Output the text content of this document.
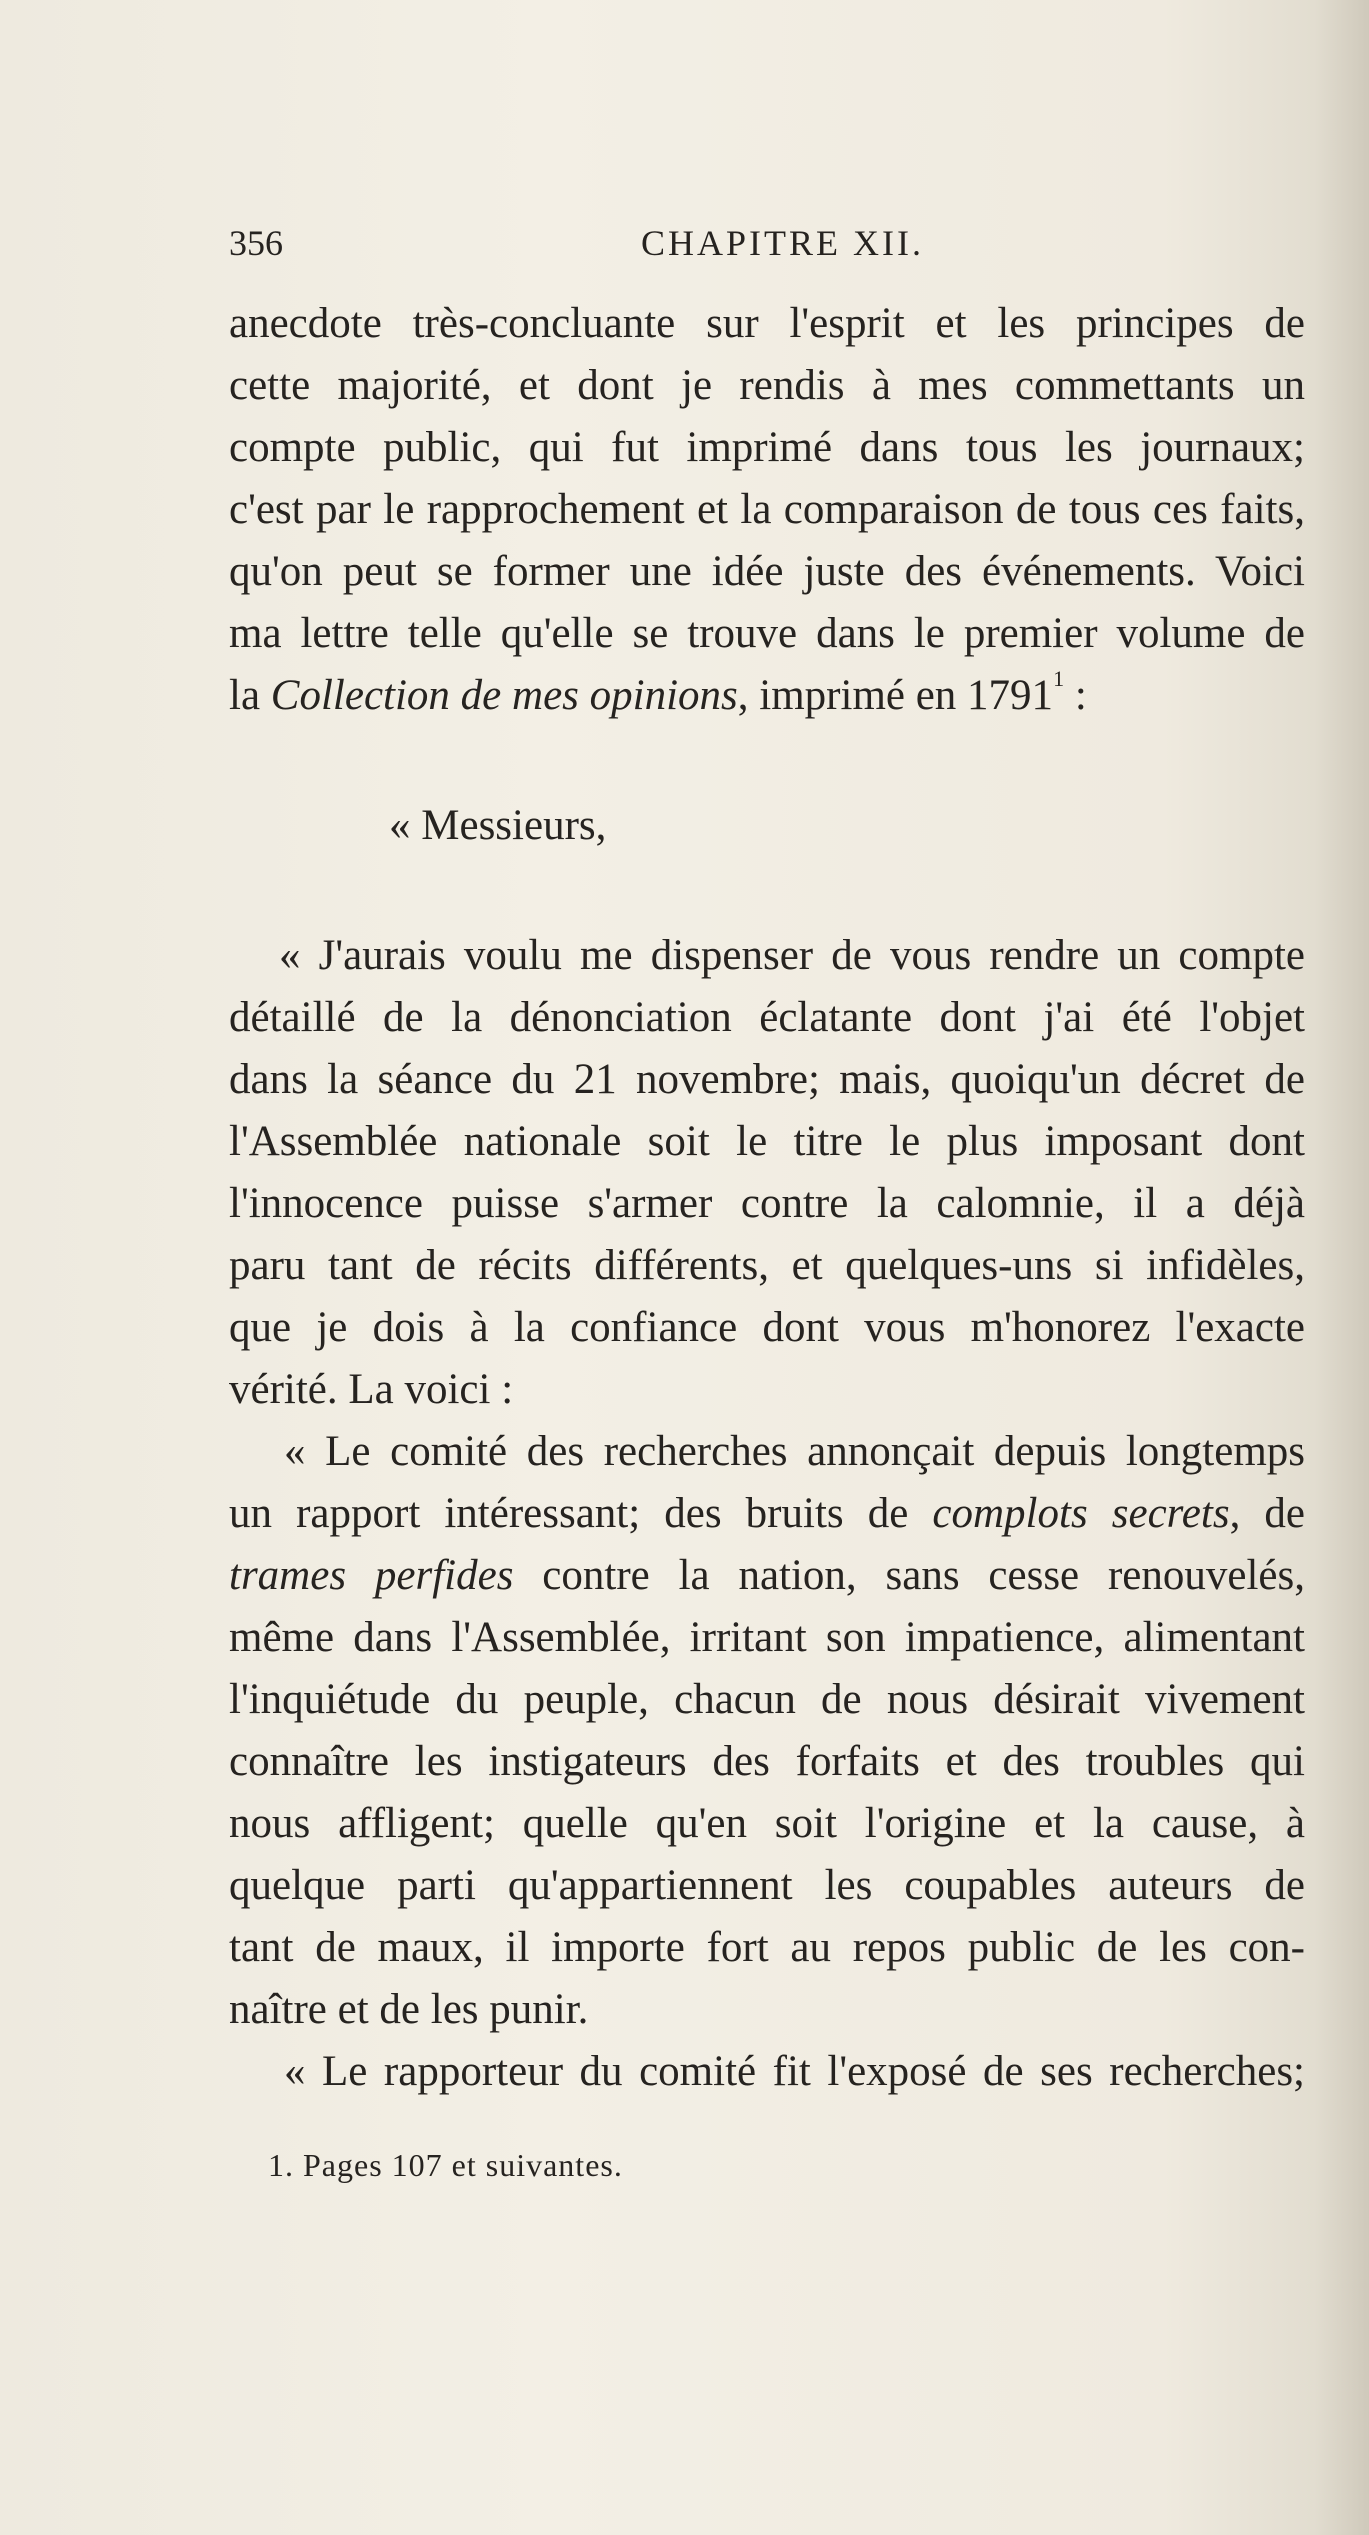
356	CHAPITRE XII.
anecdote très-concluante sur l'esprit et les principes de
cette majorité, et dont je rendis à mes commettants un
compte public, qui fut imprimé dans tous les journaux;
c'est par le rapprochement et la comparaison de tous ces faits,
qu'on peut se former une idée juste des événements. Voici
ma lettre telle qu'elle se trouve dans le premier volume de
la Collection de mes opinions, imprimé en 1791$^1$ :
« Messieurs,
« J'aurais voulu me dispenser de vous rendre un compte
détaillé de la dénonciation éclatante dont j'ai été l'objet
dans la séance du 21 novembre; mais, quoiqu'un décret de
l'Assemblée nationale soit le titre le plus imposant dont
l'innocence puisse s'armer contre la calomnie, il a déjà
paru tant de récits différents, et quelques-uns si infidèles,
que je dois à la confiance dont vous m'honorez l'exacte
vérité. La voici :
« Le comité des recherches annonçait depuis longtemps
un rapport intéressant; des bruits de complots secrets, de
trames perfides contre la nation, sans cesse renouvelés,
même dans l'Assemblée, irritant son impatience, alimentant
l'inquiétude du peuple, chacun de nous désirait vivement
connaître les instigateurs des forfaits et des troubles qui
nous affligent; quelle qu'en soit l'origine et la cause, à
quelque parti qu'appartiennent les coupables auteurs de
tant de maux, il importe fort au repos public de les con-
naître et de les punir.
« Le rapporteur du comité fit l'exposé de ses recherches;
1. Pages 107 et suivantes.
